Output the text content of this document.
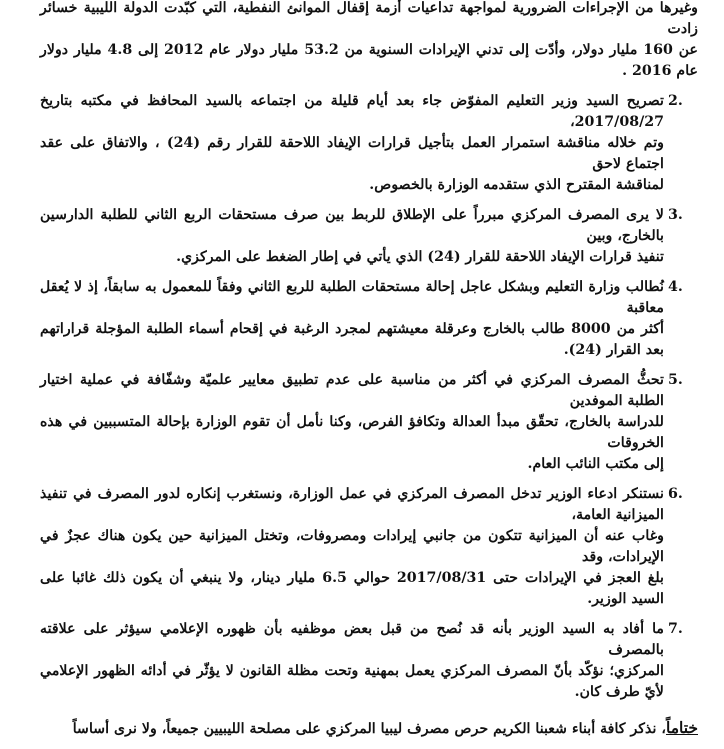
وغيرها من الإجراءات الضرورية لمواجهة تداعيات أزمة إقفال الموانئ النفطية، التي كبّدت الدولة الليبية خسائر زادت
عن 160 مليار دولار، وأدّت إلى تدني الإيرادات السنوية من 53.2 مليار دولار عام 2012 إلى 4.8 مليار دولار عام 2016 .
2.
تصريح السيد وزير التعليم المفوّض جاء بعد أيام قليلة من اجتماعه بالسيد المحافظ في مكتبه بتاريخ 2017/08/27،
وتم خلاله مناقشة استمرار العمل بتأجيل قرارات الإيفاد اللاحقة للقرار رقم (24) ، والاتفاق على عقد اجتماع لاحق
لمناقشة المقترح الذي ستقدمه الوزارة بالخصوص.
3.
لا يرى المصرف المركزي مبرراً على الإطلاق للربط بين صرف مستحقات الربع الثاني للطلبة الدارسين بالخارج، وبين
تنفيذ قرارات الإيفاد اللاحقة للقرار (24) الذي يأتي في إطار الضغط على المركزي.
4.
نُطالب وزارة التعليم وبشكل عاجل إحالة مستحقات الطلبة للربع الثاني وفقاً للمعمول به سابقاً، إذ لا يُعقل معاقبة
أكثر من 8000 طالب بالخارج وعرقلة معيشتهم لمجرد الرغبة في إقحام أسماء الطلبة المؤجلة قراراتهم بعد القرار (24).
5.
تحثُّ المصرف المركزي في أكثر من مناسبة على عدم تطبيق معايير علميّة وشفّافة في عملية اختيار الطلبة الموفدين
للدراسة بالخارج، تحقّق مبدأ العدالة وتكافؤ الفرص، وكنا نأمل أن تقوم الوزارة بإحالة المتسببين في هذه الخروقات
إلى مكتب النائب العام.
6.
نستنكر ادعاء الوزير تدخل المصرف المركزي في عمل الوزارة، ونستغرب إنكاره لدور المصرف في تنفيذ الميزانية العامة،
وغاب عنه أن الميزانية تتكون من جانبي إيرادات ومصروفات، وتختل الميزانية حين يكون هناك عجزٌ في الإيرادات، وقد
بلغ العجز في الإيرادات حتى 2017/08/31 حوالي 6.5 مليار دينار، ولا ينبغي أن يكون ذلك غائبا على السيد الوزير.
7.
ما أفاد به السيد الوزير بأنه قد نُصح من قبل بعض موظفيه بأن ظهوره الإعلامي سيؤثر على علاقته بالمصرف
المركزي؛ نؤكّد بأنّ المصرف المركزي يعمل بمهنية وتحت مظلة القانون لا يؤثّر في أدائه الظهور الإعلامي لأيّ طرف كان.
ختاماً، نذكر كافة أبناء شعبنا الكريم حرص مصرف ليبيا المركزي على مصلحة الليبيين جميعاً، ولا نرى أساساً
